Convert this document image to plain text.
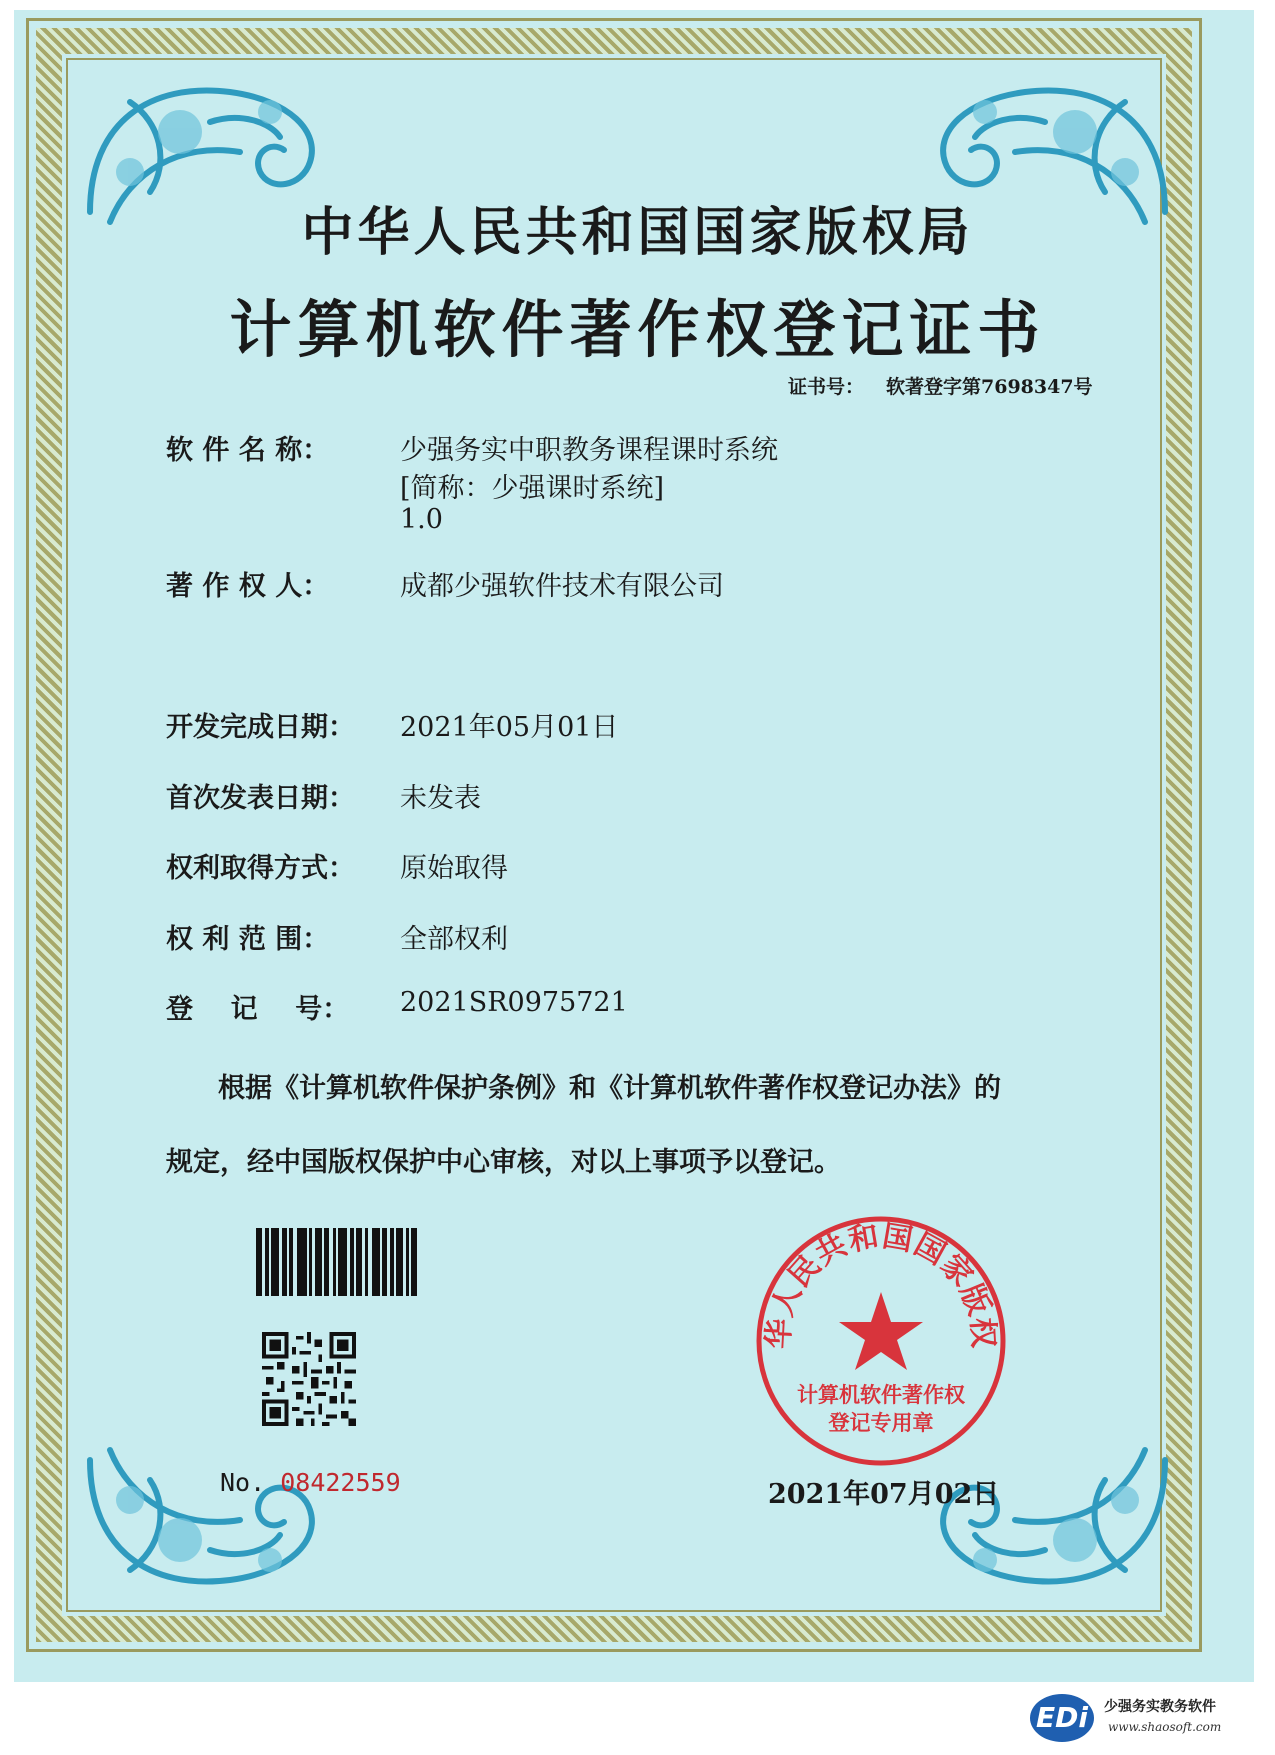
中华人民共和国国家版权局
计算机软件著作权登记证书
证书号： 软著登字第7698347号
软 件 名 称：	少强务实中职教务课程课时系统
[简称：少强课时系统]
1.0
著 作 权 人：	成都少强软件技术有限公司
开发完成日期：	2021年05月01日
首次发表日期：	未发表
权利取得方式：	原始取得
权 利 范 围：	全部权利
登    记    号：	2021SR0975721
根据《计算机软件保护条例》和《计算机软件著作权登记办法》的
规定，经中国版权保护中心审核，对以上事项予以登记。
No. 08422559
华人民共和国国家版权
计算机软件著作权
登记专用章
2021年07月02日
EDi	少强务实教务软件
www.shaosoft.com
